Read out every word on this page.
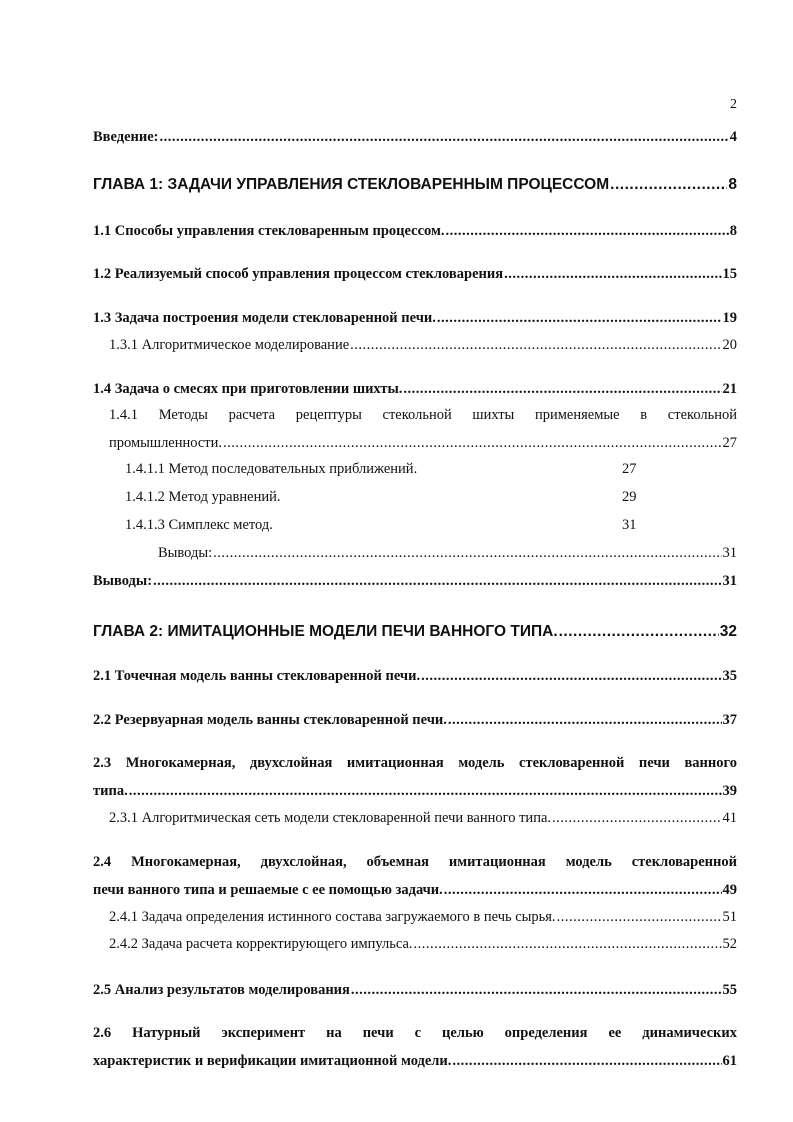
2
Введение: .....	4
ГЛАВА 1: ЗАДАЧИ УПРАВЛЕНИЯ СТЕКЛОВАРЕННЫМ ПРОЦЕССОМ .....	8
1.1 Способы управления стекловаренным процессом. .....	8
1.2 Реализуемый способ управления процессом стекловарения .....	15
1.3 Задача построения модели стекловаренной печи. .....	19
1.3.1 Алгоритмическое моделирование .....	20
1.4 Задача о смесях при приготовлении шихты. .....	21
1.4.1 Методы расчета рецептуры стекольной шихты применяемые в стекольной
промышленности. .....	27
1.4.1.1 Метод последовательных приближений.	27
1.4.1.2 Метод уравнений.	29
1.4.1.3 Симплекс метод.	31
Выводы: .....	31
Выводы: .....	31
ГЛАВА 2: ИМИТАЦИОННЫЕ МОДЕЛИ ПЕЧИ ВАННОГО ТИПА. .....	32
2.1 Точечная модель ванны стекловаренной печи. .....	35
2.2 Резервуарная модель ванны стекловаренной печи. .....	37
2.3 Многокамерная, двухслойная имитационная модель стекловаренной печи ванного
типа. .....	39
2.3.1 Алгоритмическая сеть модели стекловаренной печи ванного типа. .....	41
2.4 Многокамерная, двухслойная, объемная имитационная модель стекловаренной
печи ванного типа и решаемые с ее помощью задачи. .....	49
2.4.1 Задача определения истинного состава загружаемого в печь сырья. .....	51
2.4.2 Задача расчета корректирующего импульса. .....	52
2.5 Анализ результатов моделирования .....	55
2.6 Натурный эксперимент на печи с целью определения ее динамических
характеристик и верификации имитационной модели. .....	61
